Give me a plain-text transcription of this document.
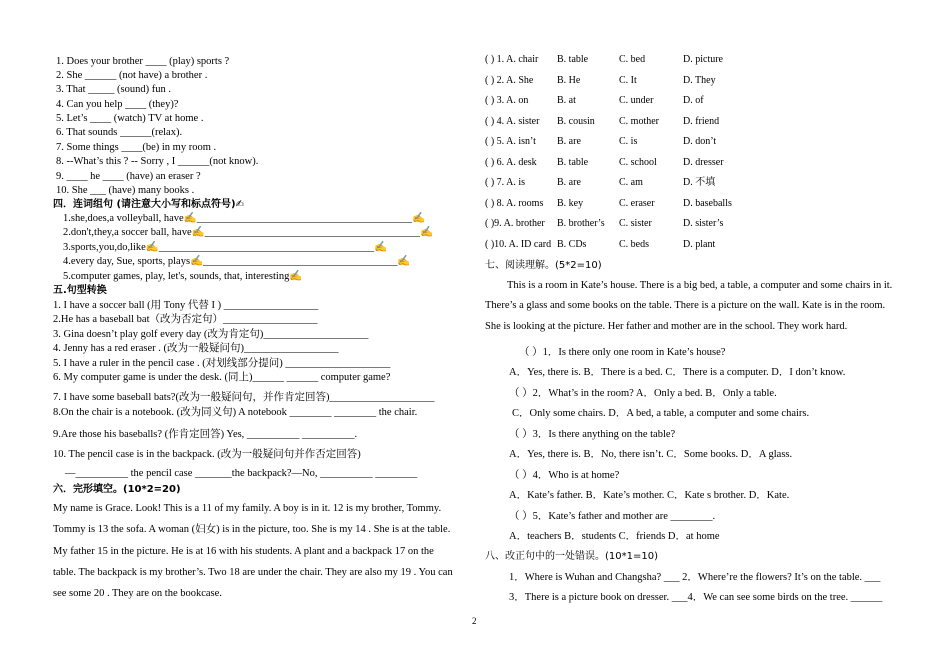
1. Does your brother ____ (play) sports ?
2. She ______ (not have) a brother .
3. That _____ (sound) fun .
4. Can you help ____ (they)?
5. Let’s ____ (watch) TV at home .
6. That sounds ______(relax).
7. Some things ____(be) in my room .
8. --What’s this ? -- Sorry , I ______(not know).
9. ____ he ____ (have) an eraser ?
10. She ___ (have) many books .
四．连词组句 (请注意大小写和标点符号)✍
1.she,does,a volleyball, have✍_________________________________________✍
2.don't,they,a soccer ball, have✍_________________________________________✍
3.sports,you,do,like✍_________________________________________✍
4.every day, Sue, sports, plays✍_____________________________________✍
5.computer games, play, let's, sounds, that, interesting✍
五.句型转换
1. I have a soccer ball (用 Tony 代替 I ) __________________
2.He has a baseball bat（改为否定句）__________________
3. Gina doesn’t play golf every day (改为肯定句)____________________
4. Jenny has a red eraser . (改为一般疑问句)__________________
5. I have a ruler in the pencil case . (对划线部分提问) ____________________
6. My computer game is under the desk. (同上)______ ______ computer game?
7. I have some baseball bats?(改为一般疑问句，并作肯定回答)____________________
8.On the chair is a notebook. (改为同义句) A notebook ________ ________ the chair.
9.Are those his baseballs? (作肯定回答) Yes, __________ __________.
10. The pencil case is in the backpack. (改为一般疑问句并作否定回答)
—__________ the pencil case _______the backpack?—No, __________ ________
六．完形填空。(10*2=20)
My name is Grace. Look! This is a 11 of my family. A boy is in it. 12 is my brother, Tommy. Tommy is 13 the sofa. A woman (妇女) is in the picture, too. She is my 14 . She is at the table. My father 15 in the picture. He is at 16 with his students. A plant and a backpack 17 on the table. The backpack is my brother’s. Two 18 are under the chair. They are also my 19 . You can see some 20 . They are on the bookcase.
( ) 1. A. chair	B. table	C. bed	D. picture
( ) 2. A. She	B. He	C. It	D. They
( ) 3. A. on	B. at	C. under	D. of
( ) 4. A. sister	B. cousin	C. mother	D. friend
( ) 5. A. isn’t	B. are	C. is	D. don’t
( ) 6. A. desk	B. table	C. school	D. dresser
( ) 7. A. is	B. are	C. am	D. 不填
( ) 8. A. rooms	B. key	C. eraser	D. baseballs
( )9. A. brother	B. brother’s	C. sister	D. sister’s
( )10. A. ID card B. CDs	C. beds	D. plant
七、阅读理解。(5*2=10)
This is a room in Kate’s house. There is a big bed, a table, a computer and some chairs in it. There’s a glass and some books on the table. There is a picture on the wall. Kate is in the room. She is looking at the picture. Her father and mother are in the school. They work hard.
（ ）1．Is there only one room in Kate’s house?
A．Yes, there is. B．There is a bed. C．There is a computer. D．I don’t know.
（ ）2．What’s in the room? A．Only a bed. B．Only a table.
C．Only some chairs. D．A bed, a table, a computer and some chairs.
（ ）3．Is there anything on the table?
A．Yes, there is. B．No, there isn’t. C．Some books. D．A glass.
（ ）4．Who is at home?
A．Kate’s father. B．Kate’s mother. C．Kate s brother. D．Kate.
（ ）5．Kate’s father and mother are ________.
A．teachers B．students C．friends D．at home
八、改正句中的一处错误。(10*1=10)
1．Where is Wuhan and Changsha? ___ 2．Where’re the flowers? It’s on the table. ___
3．There is a picture book on dresser. ___4．We can see some birds on the tree. ______
2
